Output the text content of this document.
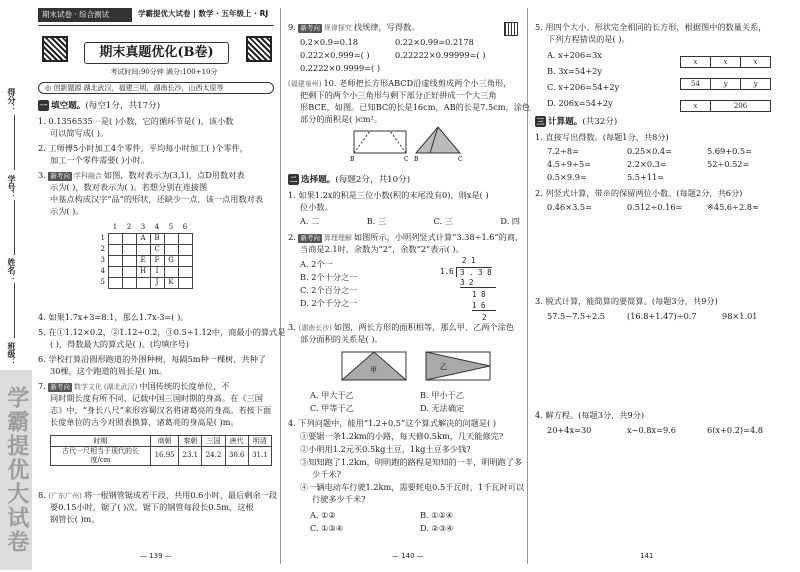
得分：
学号：
姓名：
班级：
学霸提优大试卷
期末试卷 · 综合测试	学霸提优大试卷 | 数学 · 五年级上 · RJ
期末真题优化(B卷)
考试时间:90分钟 满分:100+10分
◎ 创新题源 湖北武汉，福建三明，湖南长沙，山西太原等
一 填空题。(每空1分，共17分)
1. 0.1356535⋯是( )小数，它的循环节是( )，该小数
可以简写成( )。
2. 工师傅5小时加工4个零件，平均每小时加工( )个零件，
加工一个零件需要( )小时。
3. 新考向 学科融合 如图，数对表示为(3,1)，点D用数对表
示为( )，数对表示为( )。若想分别在连接图
中基点构成汉字“品”的形状，还缺少一点，该一点用数对表
示为( )。
	1	2	3	4	5	6
1			A	B		
2				C		
3			E	F	G	
4			H	I		
5				J	K	
4. 如果1.7x+3=8.1，那么1.7x-3=( )。
5. 在①1.12×0.2，②1.12÷0.2，③0.5÷1.12中，商最小的算式是
( )，得数最大的算式是( )。(均填序号)
6. 学校打算沿圆形跑道的外围种树，每隔5m种一棵树，共种了
30棵，这个跑道的周长是( )m。
7. 新考向 数学文化 (湖北武汉) 中国传统的长度单位，不
同时期长度有所不同，记载中国三国时期的身高。在《三国
志》中，“身长八尺”来形容蜀汉名将诸葛亮的身高。若按下面
长度单位的古今对照表换算，诸葛亮的身高是( )m。
时期	商朝	秦朝	三国	唐代	明清
古代一尺相当于现代的长度/cm	16.95	23.1	24.2	30.6	31.1
8. (广东广州) 将一根钢管锯成若干段，共用0.6小时，最后剩余一段
要0.15小时，锯了( )次。锯下的钢管每段长0.5m，这根
钢管长( )m。
— 139 —
9. 新考向 规律探究 找规律，写得数。
0.2×0.9=0.18	0.22×0.99=0.2178
0.222×0.999=( )
0.2222×0.9999=( )
0.22222×0.99999=( )
(福建泉州) 10. 老师把长方形ABCD沿虚线剪成两个小三角形，
把剩下的两个小三角形与剩下部分正好拼成一个大三角
形BCE，如图。已知BC的长是16cm，AB的长是7.5cm，涂色
部分的面积是( )cm²。
B	C B	C
二 选择题。(每题2分，共10分)
1. 如果1.2x的积是三位小数(积的末尾没有0)，则x是( )
位小数。
A. 二	B. 三	C. 三	D. 四
2. 新考向 算理理解 如图所示，小明列竖式计算“3.38÷1.6”的商，
当商是2.1时，余数为“2”，余数“2”表示( )。
A. 2个一
B. 2个十分之一
C. 2个百分之一
D. 2个千分之一
2 1
1.6 3 . 3 8
3 2
1 8
1 6
2
3. (湖南长沙) 如图，两长方形的面积相等，那么甲、乙两个涂色
部分面积的关系是( )。
甲	乙
A. 甲大于乙	B. 甲小于乙
C. 甲等于乙	D. 无法确定
4. 下列问题中，能用“1.2+0.5”这个算式解决的问题是( )
①要锯一条1.2km的小路，每天修0.5km，几天能修完?
②小明用1.2元买0.5kg土豆，1kg土豆多少钱?
③知知跑了1.2km，明明跑的路程是知知的一半，明明跑了多
少千米?
④一辆电动车行驶1.2km，需要耗电0.5千瓦时，1千瓦时可以
行驶多少千米?
A. ①②	B. ①②④
C. ①③④	D. ②③④
— 140 —
5. 用四个大小、形状完全相同的长方形，根据图中的数量关系，
下列方程错误的是( )。
A. x+206=3x
B. 3x=54+2y
C. x+206=54+2y
D. 206x=54+2y
x	x	x
54	y	y
x	206
三 计算题。(共32分)
1. 直接写出得数。(每题1分，共8分)
7.2÷8=	0.25×0.4=	5.69+0.5=
4.5÷9÷5=	2.2×0.3=	52÷0.52=
0.5×9.9=	5.5+11=
2. 列竖式计算，带※的保留两位小数。(每题2分，共6分)
0.46×3.5=	0.512÷0.16=	※45.6÷2.8≈
3. 脱式计算，能简算的要简算。(每题3分，共9分)
57.5−7.5÷2.5	(16.8+1.47)÷0.7	98×1.01
4. 解方程。(每题3分，共9分)
20+4x=30	x−0.8x=9.6	6(x+0.2)=4.8
141
